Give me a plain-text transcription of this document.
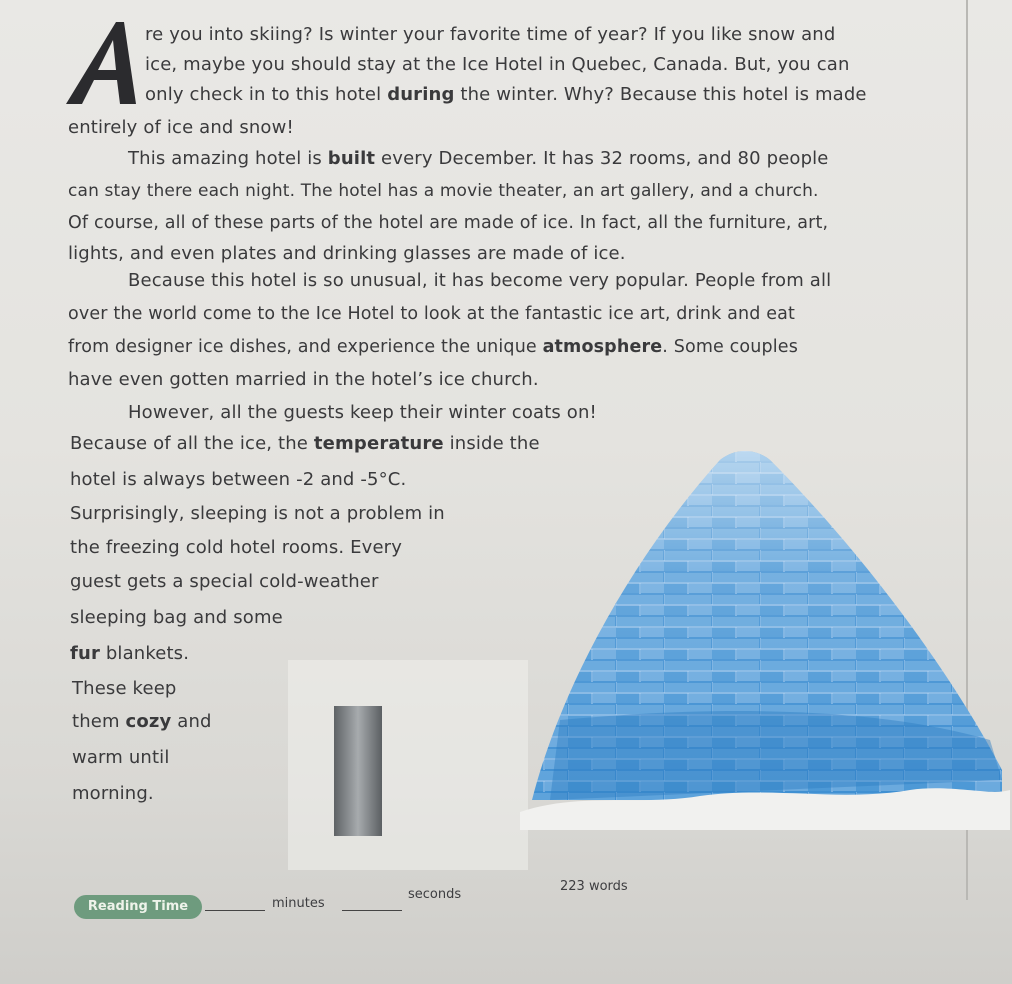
re you into skiing? Is winter your favorite time of year? If you like snow and
ice, maybe you should stay at the Ice Hotel in Quebec, Canada. But, you can
only check in to this hotel during the winter. Why? Because this hotel is made
entirely of ice and snow!
This amazing hotel is built every December. It has 32 rooms, and 80 people
can stay there each night. The hotel has a movie theater, an art gallery, and a church.
Of course, all of these parts of the hotel are made of ice. In fact, all the furniture, art,
lights, and even plates and drinking glasses are made of ice.
Because this hotel is so unusual, it has become very popular. People from all
over the world come to the Ice Hotel to look at the fantastic ice art, drink and eat
from designer ice dishes, and experience the unique atmosphere. Some couples
have even gotten married in the hotel’s ice church.
However, all the guests keep their winter coats on!
Because of all the ice, the temperature inside the
hotel is always between -2 and -5°C.
Surprisingly, sleeping is not a problem in
the freezing cold hotel rooms. Every
guest gets a special cold-weather
sleeping bag and some
fur blankets.
These keep
them cozy and
warm until
morning.
Reading Time	minutes
seconds
223 words
